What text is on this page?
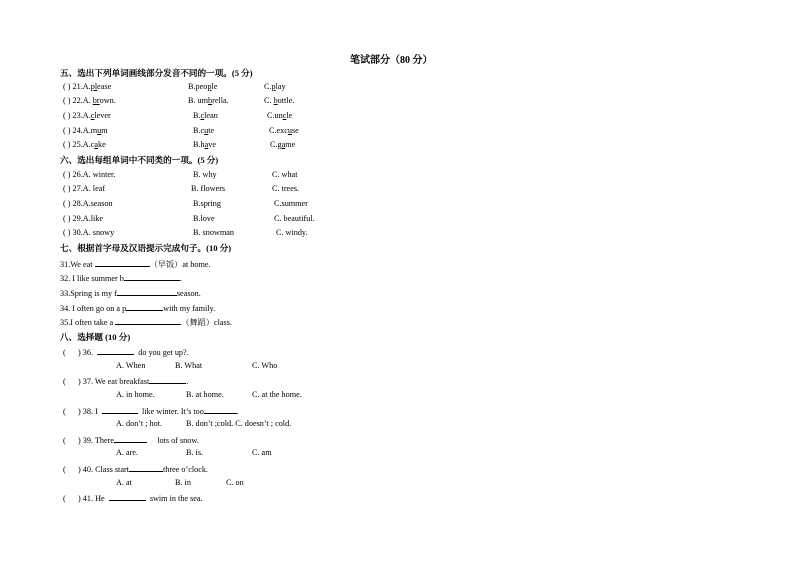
笔试部分（80 分）
五、选出下列单词画线部分发音不同的一项。(5 分)
( ) 21.A.please	B.people	C.play
( ) 22.A. brown.	B. umbrella.	C. bottle.
( ) 23.A.clever	B.clean	C.uncle
( ) 24.A.mum	B.cute	C.excuse
( ) 25.A.cake	B.have	C.game
六、选出每组单词中不同类的一项。(5 分)
( ) 26.A. winter.	B. why	C. what
( ) 27.A. leaf	B. flowers	C. trees.
( ) 28.A.season	B.spring	C.summer
( ) 29.A.like	B.love	C. beautiful.
( ) 30.A. snowy	B. snowman	C. windy.
七、根据首字母及汉语提示完成句子。(10 分)
31.We eat	（早饭）at home.
32. I like summer b	.
33.Spring is my f	season.
34. I often go on a p	with my family.
35.I often take a	（舞蹈）class.
八、选择题 (10 分)
( ) 36.	do you get up?.
A. When	B. What	C. Who
( ) 37. We eat breakfast	.
A. in home.	B. at home.	C. at the home.
( ) 38. I	like winter. It’s too	.
A. don’t ; hot.	B. don’t ;cold. C. doesn’t ; cold.
( ) 39. There	lots of snow.
A. are.	B. is.	C. am
( ) 40. Class start	three o’clock.
A. at	B. in	C. on
( ) 41. He	swim in the sea.
